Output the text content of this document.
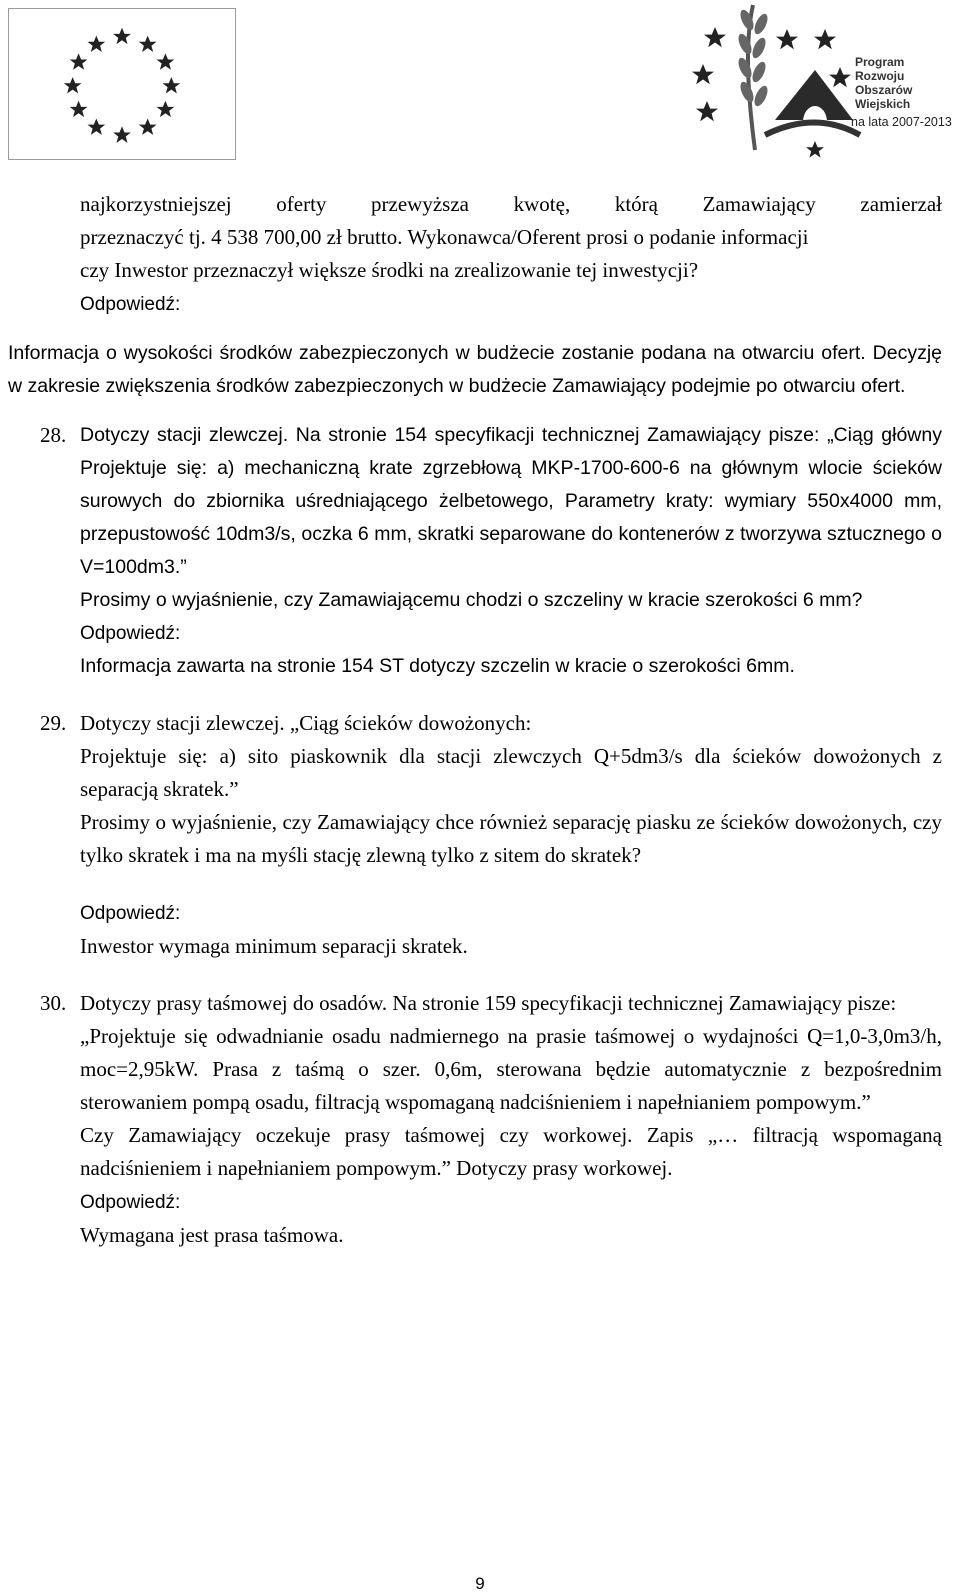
Program
Rozwoju
Obszarów
Wiejskich
na lata 2007-2013

najkorzystniejszej oferty przewyższa kwotę, którą Zamawiający zamierzał

przeznaczyć tj. 4 538 700,00 zł brutto. Wykonawca/Oferent prosi o podanie informacji

czy Inwestor przeznaczył większe środki na zrealizowanie tej inwestycji?

Odpowiedź:

Informacja o wysokości środków zabezpieczonych w budżecie zostanie podana na otwarciu ofert. Decyzję w zakresie zwiększenia środków zabezpieczonych w budżecie Zamawiający podejmie po otwarciu ofert.

28. Dotyczy stacji zlewczej. Na stronie 154 specyfikacji technicznej Zamawiający pisze: „Ciąg główny Projektuje się: a) mechaniczną krate zgrzebłową MKP-1700-600-6 na głównym wlocie ścieków surowych do zbiornika uśredniającego żelbetowego, Parametry kraty: wymiary 550x4000 mm, przepustowość 10dm3/s, oczka 6 mm, skratki separowane do kontenerów z tworzywa sztucznego o V=100dm3.”

Prosimy o wyjaśnienie, czy Zamawiającemu chodzi o szczeliny w kracie szerokości 6 mm?

Odpowiedź:

Informacja zawarta na stronie 154 ST dotyczy szczelin w kracie o szerokości 6mm.

29. Dotyczy stacji zlewczej. „Ciąg ścieków dowożonych:

Projektuje się: a) sito piaskownik dla stacji zlewczych Q+5dm3/s dla ścieków dowożonych z separacją skratek.”

Prosimy o wyjaśnienie, czy Zamawiający chce również separację piasku ze ścieków dowożonych, czy tylko skratek i ma na myśli stację zlewną tylko z sitem do skratek?

Odpowiedź:

Inwestor wymaga minimum separacji skratek.

30. Dotyczy prasy taśmowej do osadów. Na stronie 159 specyfikacji technicznej Zamawiający pisze:

„Projektuje się odwadnianie osadu nadmiernego na prasie taśmowej o wydajności Q=1,0-3,0m3/h, moc=2,95kW. Prasa z taśmą o szer. 0,6m, sterowana będzie automatycznie z bezpośrednim sterowaniem pompą osadu, filtracją wspomaganą nadciśnieniem i napełnianiem pompowym.”

Czy Zamawiający oczekuje prasy taśmowej czy workowej. Zapis „… filtracją wspomaganą nadciśnieniem i napełnianiem pompowym.” Dotyczy prasy workowej.

Odpowiedź:

Wymagana jest prasa taśmowa.

9
